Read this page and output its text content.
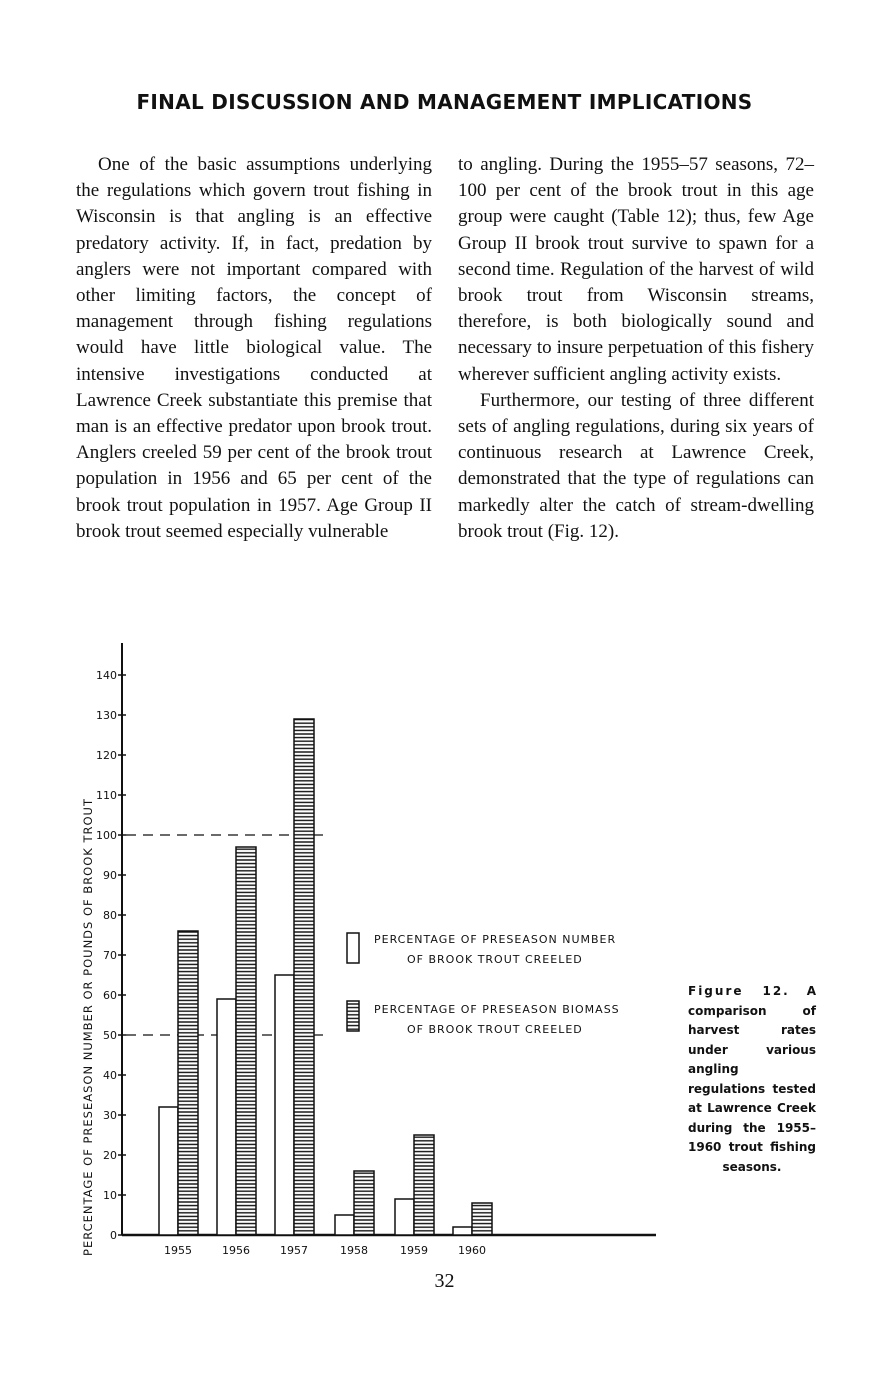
FINAL DISCUSSION AND MANAGEMENT IMPLICATIONS

One of the basic assumptions underlying the regulations which govern trout fishing in Wisconsin is that angling is an effective predatory activity. If, in fact, predation by anglers were not important compared with other limiting factors, the concept of management through fishing regulations would have little biological value. The intensive investigations conducted at Lawrence Creek substantiate this premise that man is an effective predator upon brook trout. Anglers creeled 59 per cent of the brook trout population in 1956 and 65 per cent of the brook trout population in 1957. Age Group II brook trout seemed especially vulnerable

to angling. During the 1955–57 seasons, 72–100 per cent of the brook trout in this age group were caught (Table 12); thus, few Age Group II brook trout survive to spawn for a second time. Regulation of the harvest of wild brook trout from Wisconsin streams, therefore, is both biologically sound and necessary to insure perpetuation of this fishery wherever sufficient angling activity exists.

Furthermore, our testing of three different sets of angling regulations, during six years of continuous research at Lawrence Creek, demonstrated that the type of regulations can markedly alter the catch of stream-dwelling brook trout (Fig. 12).

0
10
20
30
40
50
60
70
80
90
100
110
120
130
140
PERCENTAGE OF PRESEASON NUMBER OR POUNDS OF BROOK TROUT	1955	1956	1957	1958	1959	1960
PERCENTAGE OF PRESEASON NUMBER
OF BROOK TROUT CREELED
PERCENTAGE OF PRESEASON BIOMASS
OF BROOK TROUT CREELED
Figure 12. A comparison of harvest rates under various angling regulations tested at Lawrence Creek during the 1955–1960 trout fishing seasons.
32
